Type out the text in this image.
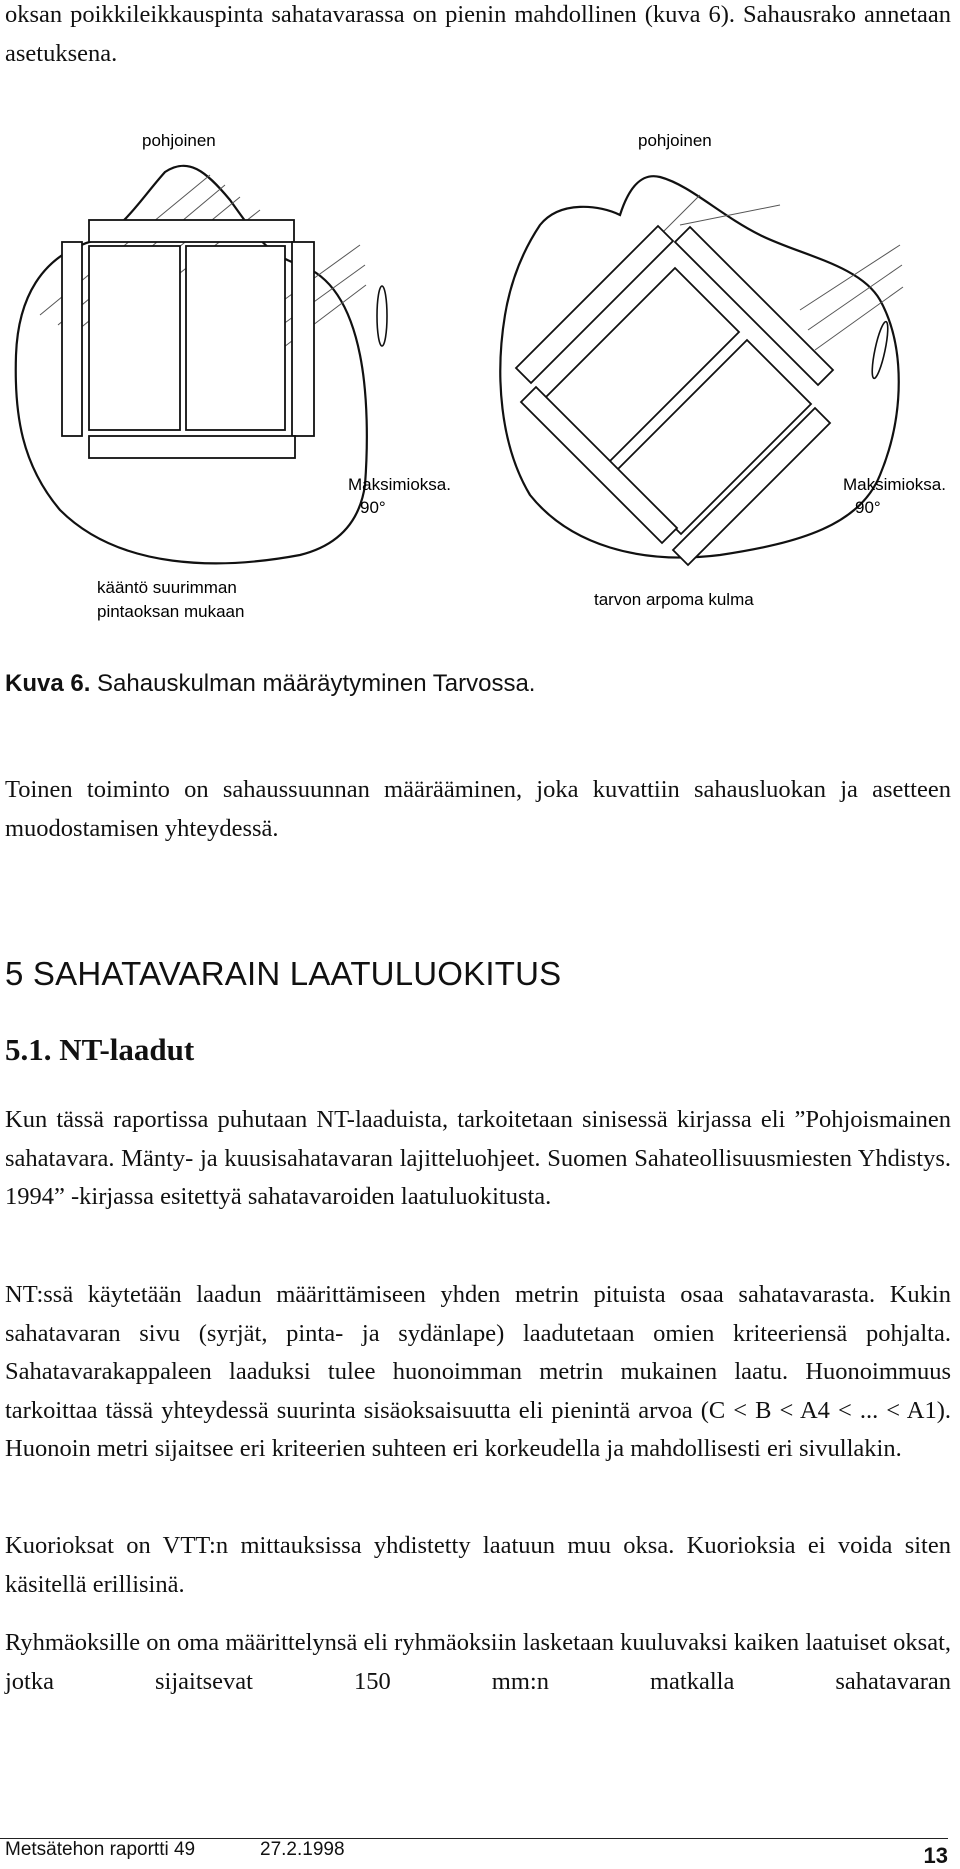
oksan poikkileikkauspinta sahatavarassa on pienin mahdollinen (kuva 6). Sahausrako annetaan asetuksena.

pohjoinen
Maksimioksa.
90°
kääntö suurimman
pintaoksan mukaan
pohjoinen
Maksimioksa.
90°
tarvon arpoma kulma

Kuva 6. Sahauskulman määräytyminen Tarvossa.

Toinen toiminto on sahaussuunnan määrääminen, joka kuvattiin sahausluokan ja asetteen muodostamisen yhteydessä.

5 SAHATAVARAIN LAATULUOKITUS
5.1. NT-laadut

Kun tässä raportissa puhutaan NT-laaduista, tarkoitetaan sinisessä kirjassa eli ”Pohjoismainen sahatavara. Mänty- ja kuusisahatavaran lajitteluohjeet. Suomen Sahateollisuusmiesten Yhdistys. 1994” -kirjassa esitettyä sahatavaroiden laatuluokitusta.

NT:ssä käytetään laadun määrittämiseen yhden metrin pituista osaa sahatavarasta. Kukin sahatavaran sivu (syrjät, pinta- ja sydänlape) laadutetaan omien kriteeriensä pohjalta. Sahatavarakappaleen laaduksi tulee huonoimman metrin mukainen laatu. Huonoimmuus tarkoittaa tässä yhteydessä suurinta sisäoksaisuutta eli pienintä arvoa (C < B < A4 < ... < A1). Huonoin metri sijaitsee eri kriteerien suhteen eri korkeudella ja mahdollisesti eri sivullakin.

Kuorioksat on VTT:n mittauksissa yhdistetty laatuun muu oksa. Kuorioksia ei voida siten käsitellä erillisinä.

Ryhmäoksille on oma määrittelynsä eli ryhmäoksiin lasketaan kuuluvaksi kaiken laatuiset oksat, jotka sijaitsevat 150 mm:n matkalla sahatavaran

Metsätehon raportti 49	27.2.1998	13
